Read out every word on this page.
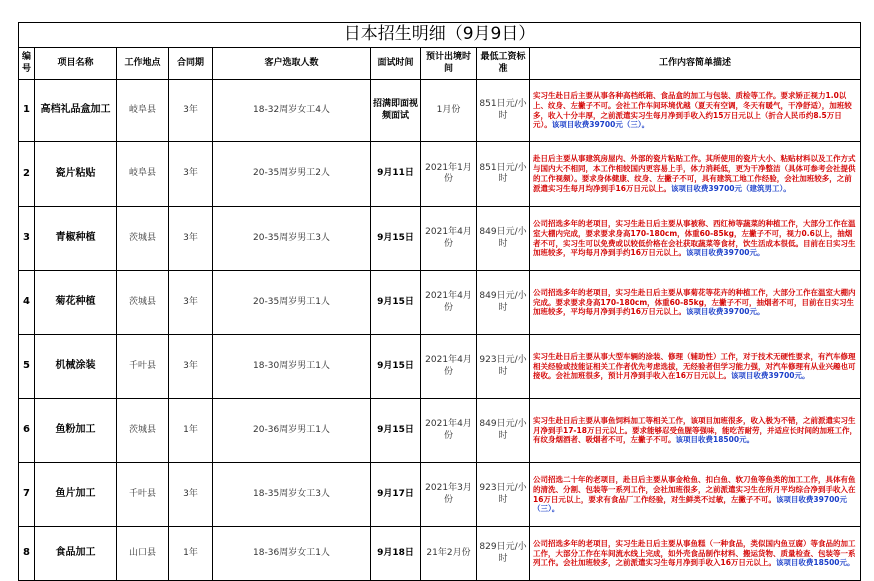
日本招生明细（9月9日）								
编号	项目名称	工作地点	合同期	客户选取人数	面试时间	预计出境时间	最低工资标准	工作内容简单描述
1	高档礼品盒加工	岐阜县	3年	18-32周岁女工4人	招满即面视频面试	1月份	851日元/小时	实习生赴日后主要从事各种高档纸箱、食品盒的加工与包装、质检等工作。要求矫正视力1.0以上、纹身、左撇子不可。会社工作车间环境优越（夏天有空调，冬天有暖气，干净舒适），加班较多，收入十分丰厚，之前派遣实习生每月净到手收入约15万日元以上（折合人民币约8.5万日元）。该项目收费39700元（三）。
2	瓷片粘贴	岐阜县	3年	20-35周岁男工2人	9月11日	2021年1月份	851日元/小时	赴日后主要从事建筑房屋内、外部的瓷片粘贴工作。其所使用的瓷片大小、粘贴材料以及工作方式与国内大不相同，本工作相较国内更容易上手，体力消耗低，更为干净整洁（具体可参考会社提供的工作视频）。要求身体健康、纹身、左撇子不可，具有建筑工地工作经验，会社加班较多，之前派遣实习生每月均净到手16万日元以上。该项目收费39700元（建筑男工）。
3	青椒种植	茨城县	3年	20-35周岁男工3人	9月15日	2021年4月份	849日元/小时	公司招选多年的老项目，实习生赴日后主要从事被称、西红柿等蔬菜的种植工作，大部分工作在温室大棚内完成，要求要求身高170-180cm，体重60-85kg，左撇子不可，视力0.6以上，抽烟者不可，实习生可以免费或以较低价格在会社获取蔬菜等食材，饮生活成本很低。目前在日实习生加班较多，平均每月净到手约16万日元以上。该项目收费39700元。
4	菊花种植	茨城县	3年	20-35周岁男工1人	9月15日	2021年4月份	849日元/小时	公司招选多年的老项目，实习生赴日后主要从事菊花等花卉的种植工作，大部分工作在温室大棚内完成。要求要求身高170-180cm，体重60-85kg，左撇子不可，抽烟者不可，目前在日实习生加班较多，平均每月净到手约16万日元以上。该项目收费39700元。
5	机械涂装	千叶县	3年	18-30周岁男工1人	9月15日	2021年4月份	923日元/小时	实习生赴日后主要从事大型车辆的涂装、修理（辅助性）工作，对于技术无硬性要求，有汽车修理相关经验或技能证相关工作者优先考虑选拔，无经验者但学习能力强，对汽车修理有从业兴趣也可接收。会社加班很多，预计月净到手收入在16万日元以上。该项目收费39700元。
6	鱼粉加工	茨城县	1年	20-36周岁男工1人	9月15日	2021年4月份	849日元/小时	实习生赴日后主要从事鱼饲料加工等相关工作，该项目加班很多，收入极为不错，之前派遣实习生月净到手17-18万日元以上。要求能够忍受鱼腥等强味，能吃苦耐劳，并适应长时间的加班工作，有纹身烟酒者、吸烟者不可，左撇子不可。该项目收费18500元。
7	鱼片加工	千叶县	3年	18-35周岁女工3人	9月17日	2021年3月份	923日元/小时	公司招选二十年的老项目，赴日后主要从事金枪鱼、扣白鱼、软刀鱼等鱼类的加工工作，具体有鱼的清洗、分割、包装等一系列工作，会社加班很多，之前派遣实习生在所月平均综合净到手收入在16万日元以上，要求有食品厂工作经验，对生鲜类不过敏，左撇子不可。该项目收费39700元（三）。
8	食品加工	山口县	1年	18-36周岁女工1人	9月18日	21年2月份	829日元/小时	公司招选多年的老项目，实习生赴日后主要从事鱼糕（一种食品，类似国内鱼豆腐）等食品的加工工作，大部分工作在车间流水线上完成，如外壳食品制作材料、搬运货物、质量检查、包装等一系列工作。会社加班较多，之前派遣实习生每月净到手收入16万日元以上。该项目收费18500元。
